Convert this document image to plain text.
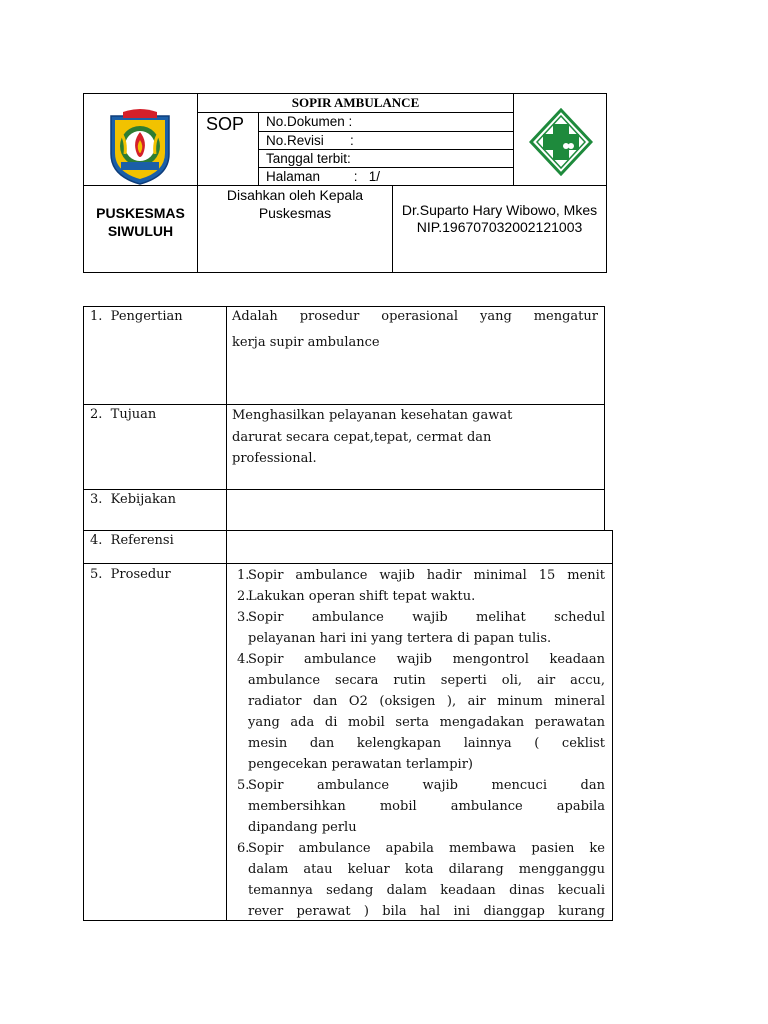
SOPIR AMBULANCE
SOP No.Dokumen :
No.Revisi       :
Tanggal terbit:
Halaman         :   1/
PUSKESMAS
SIWULUH
Disahkan oleh Kepala
Puskesmas	Dr.Suparto Hary Wibowo, Mkes
NIP.196707032002121003
1.  Pengertian
2.  Tujuan
3.  Kebijakan
4.  Referensi
5.  Prosedur
Adalah prosedur operasional yang mengatur
kerja supir ambulance
Menghasilkan pelayanan kesehatan gawat
darurat secara cepat,tepat, cermat dan
professional.
1.
Sopir ambulance wajib hadir minimal 15 menit
2.
Lakukan operan shift tepat waktu.
3.
Sopir ambulance wajib melihat schedul
pelayanan hari ini yang tertera di papan tulis.
4.
Sopir ambulance wajib mengontrol keadaan
ambulance secara rutin seperti oli, air accu,
radiator dan O2 (oksigen ), air minum mineral
yang ada di mobil serta mengadakan perawatan
mesin dan kelengkapan lainnya ( ceklist
pengecekan perawatan terlampir)
5.
Sopir ambulance wajib mencuci dan
membersihkan mobil ambulance apabila
dipandang perlu
6.
Sopir ambulance apabila membawa pasien ke
dalam atau keluar kota dilarang mengganggu
temannya sedang dalam keadaan dinas kecuali
rever perawat ) bila hal ini dianggap kurang
